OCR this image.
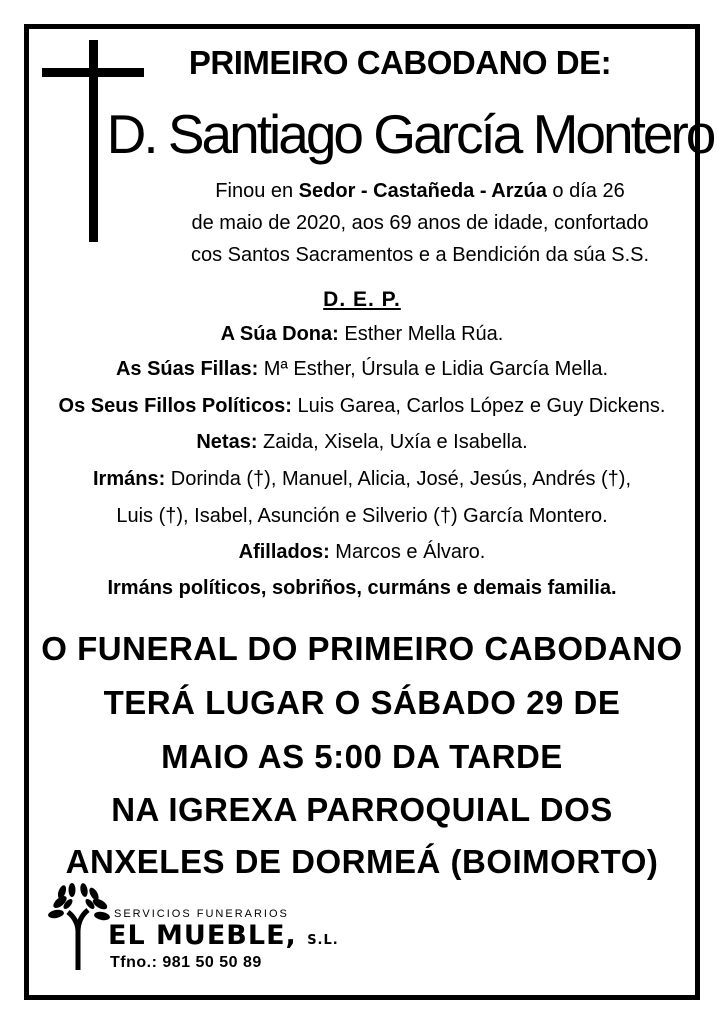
PRIMEIRO CABODANO DE:
D. Santiago García Montero
Finou en Sedor - Castañeda - Arzúa o día 26
de maio de 2020, aos 69 anos de idade, confortado
cos Santos Sacramentos e a Bendición da súa S.S.
D. E. P.
A Súa Dona: Esther Mella Rúa.
As Súas Fillas: Mª Esther, Úrsula e Lidia García Mella.
Os Seus Fillos Políticos: Luis Garea, Carlos López e Guy Dickens.
Netas: Zaida, Xisela, Uxía e Isabella.
Irmáns: Dorinda (†), Manuel, Alicia, José, Jesús, Andrés (†),
Luis (†), Isabel, Asunción e Silverio (†) García Montero.
Afillados: Marcos e Álvaro.
Irmáns políticos, sobriños, curmáns e demais familia.
O FUNERAL DO PRIMEIRO CABODANO
TERÁ LUGAR O SÁBADO 29 DE
MAIO AS 5:00 DA TARDE
NA IGREXA PARROQUIAL DOS
ANXELES DE DORMEÁ (BOIMORTO)
SERVICIOS FUNERARIOS
EL MUEBLE, S.L.
Tfno.: 981 50 50 89
